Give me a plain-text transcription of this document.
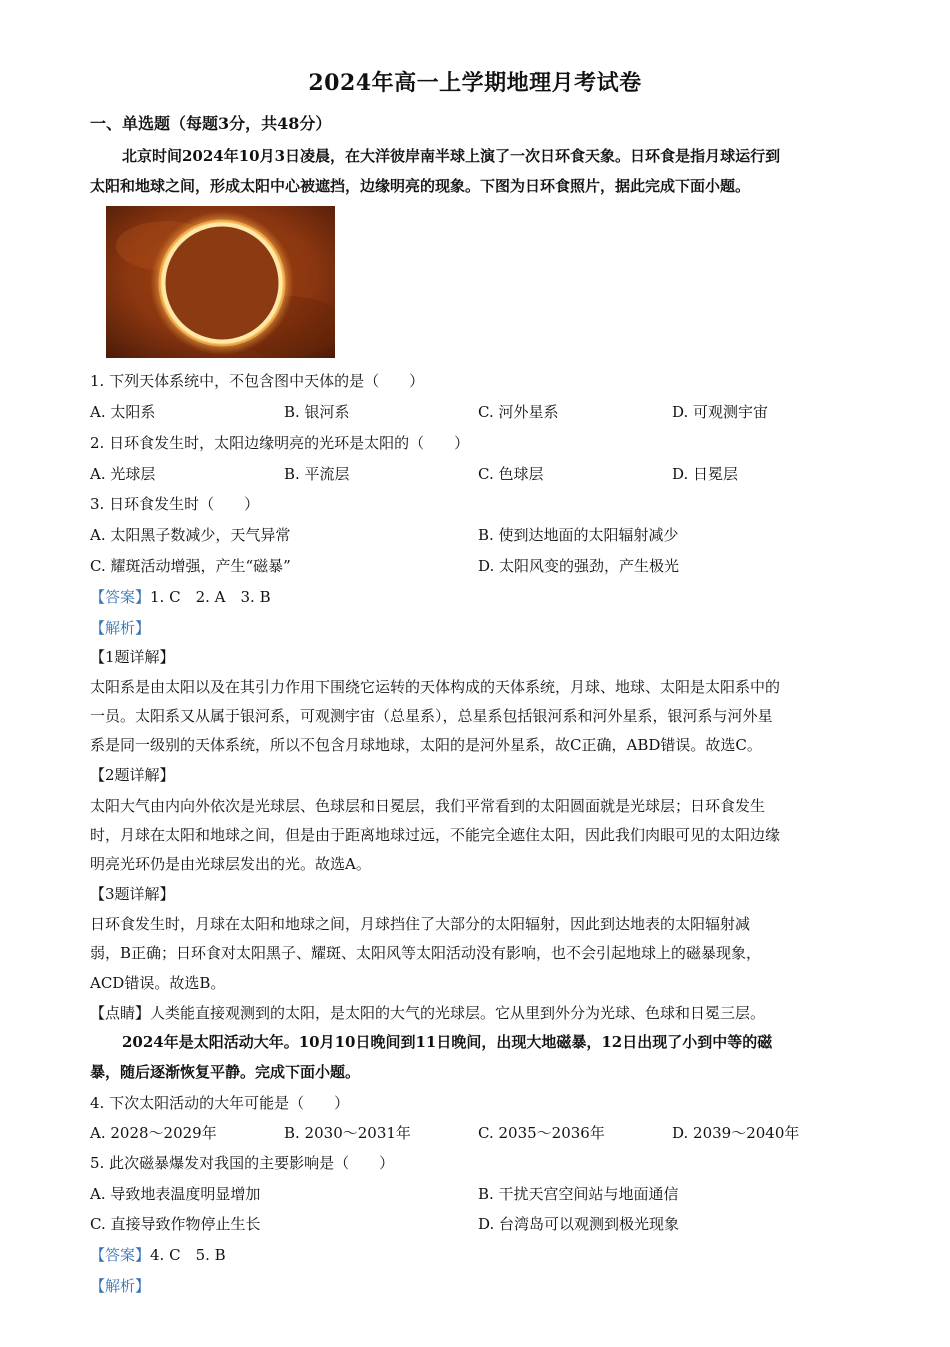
2024年高一上学期地理月考试卷
一、单选题（每题3分，共48分）
北京时间2024年10月3日凌晨，在大洋彼岸南半球上演了一次日环食天象。日环食是指月球运行到
太阳和地球之间，形成太阳中心被遮挡，边缘明亮的现象。下图为日环食照片，据此完成下面小题。
1. 下列天体系统中，不包含图中天体的是（　　）
A. 太阳系	B. 银河系	C. 河外星系	D. 可观测宇宙
2. 日环食发生时，太阳边缘明亮的光环是太阳的（　　）
A. 光球层	B. 平流层	C. 色球层	D. 日冕层
3. 日环食发生时（　　）
A. 太阳黑子数减少，天气异常	B. 使到达地面的太阳辐射减少
C. 耀斑活动增强，产生“磁暴”	D. 太阳风变的强劲，产生极光
【答案】1. C　2. A　3. B
【解析】
【1题详解】
太阳系是由太阳以及在其引力作用下围绕它运转的天体构成的天体系统，月球、地球、太阳是太阳系中的
一员。太阳系又从属于银河系，可观测宇宙（总星系），总星系包括银河系和河外星系，银河系与河外星
系是同一级别的天体系统，所以不包含月球地球，太阳的是河外星系，故C正确，ABD错误。故选C。
【2题详解】
太阳大气由内向外依次是光球层、色球层和日冕层，我们平常看到的太阳圆面就是光球层；日环食发生
时，月球在太阳和地球之间，但是由于距离地球过远，不能完全遮住太阳，因此我们肉眼可见的太阳边缘
明亮光环仍是由光球层发出的光。故选A。
【3题详解】
日环食发生时，月球在太阳和地球之间，月球挡住了大部分的太阳辐射，因此到达地表的太阳辐射减
弱，B正确；日环食对太阳黑子、耀斑、太阳风等太阳活动没有影响，也不会引起地球上的磁暴现象，
ACD错误。故选B。
【点睛】人类能直接观测到的太阳，是太阳的大气的光球层。它从里到外分为光球、色球和日冕三层。
2024年是太阳活动大年。10月10日晚间到11日晚间，出现大地磁暴，12日出现了小到中等的磁
暴，随后逐渐恢复平静。完成下面小题。
4. 下次太阳活动的大年可能是（　　）
A. 2028～2029年	B. 2030～2031年	C. 2035～2036年	D. 2039～2040年
5. 此次磁暴爆发对我国的主要影响是（　　）
A. 导致地表温度明显增加	B. 干扰天宫空间站与地面通信
C. 直接导致作物停止生长	D. 台湾岛可以观测到极光现象
【答案】4. C　5. B
【解析】
